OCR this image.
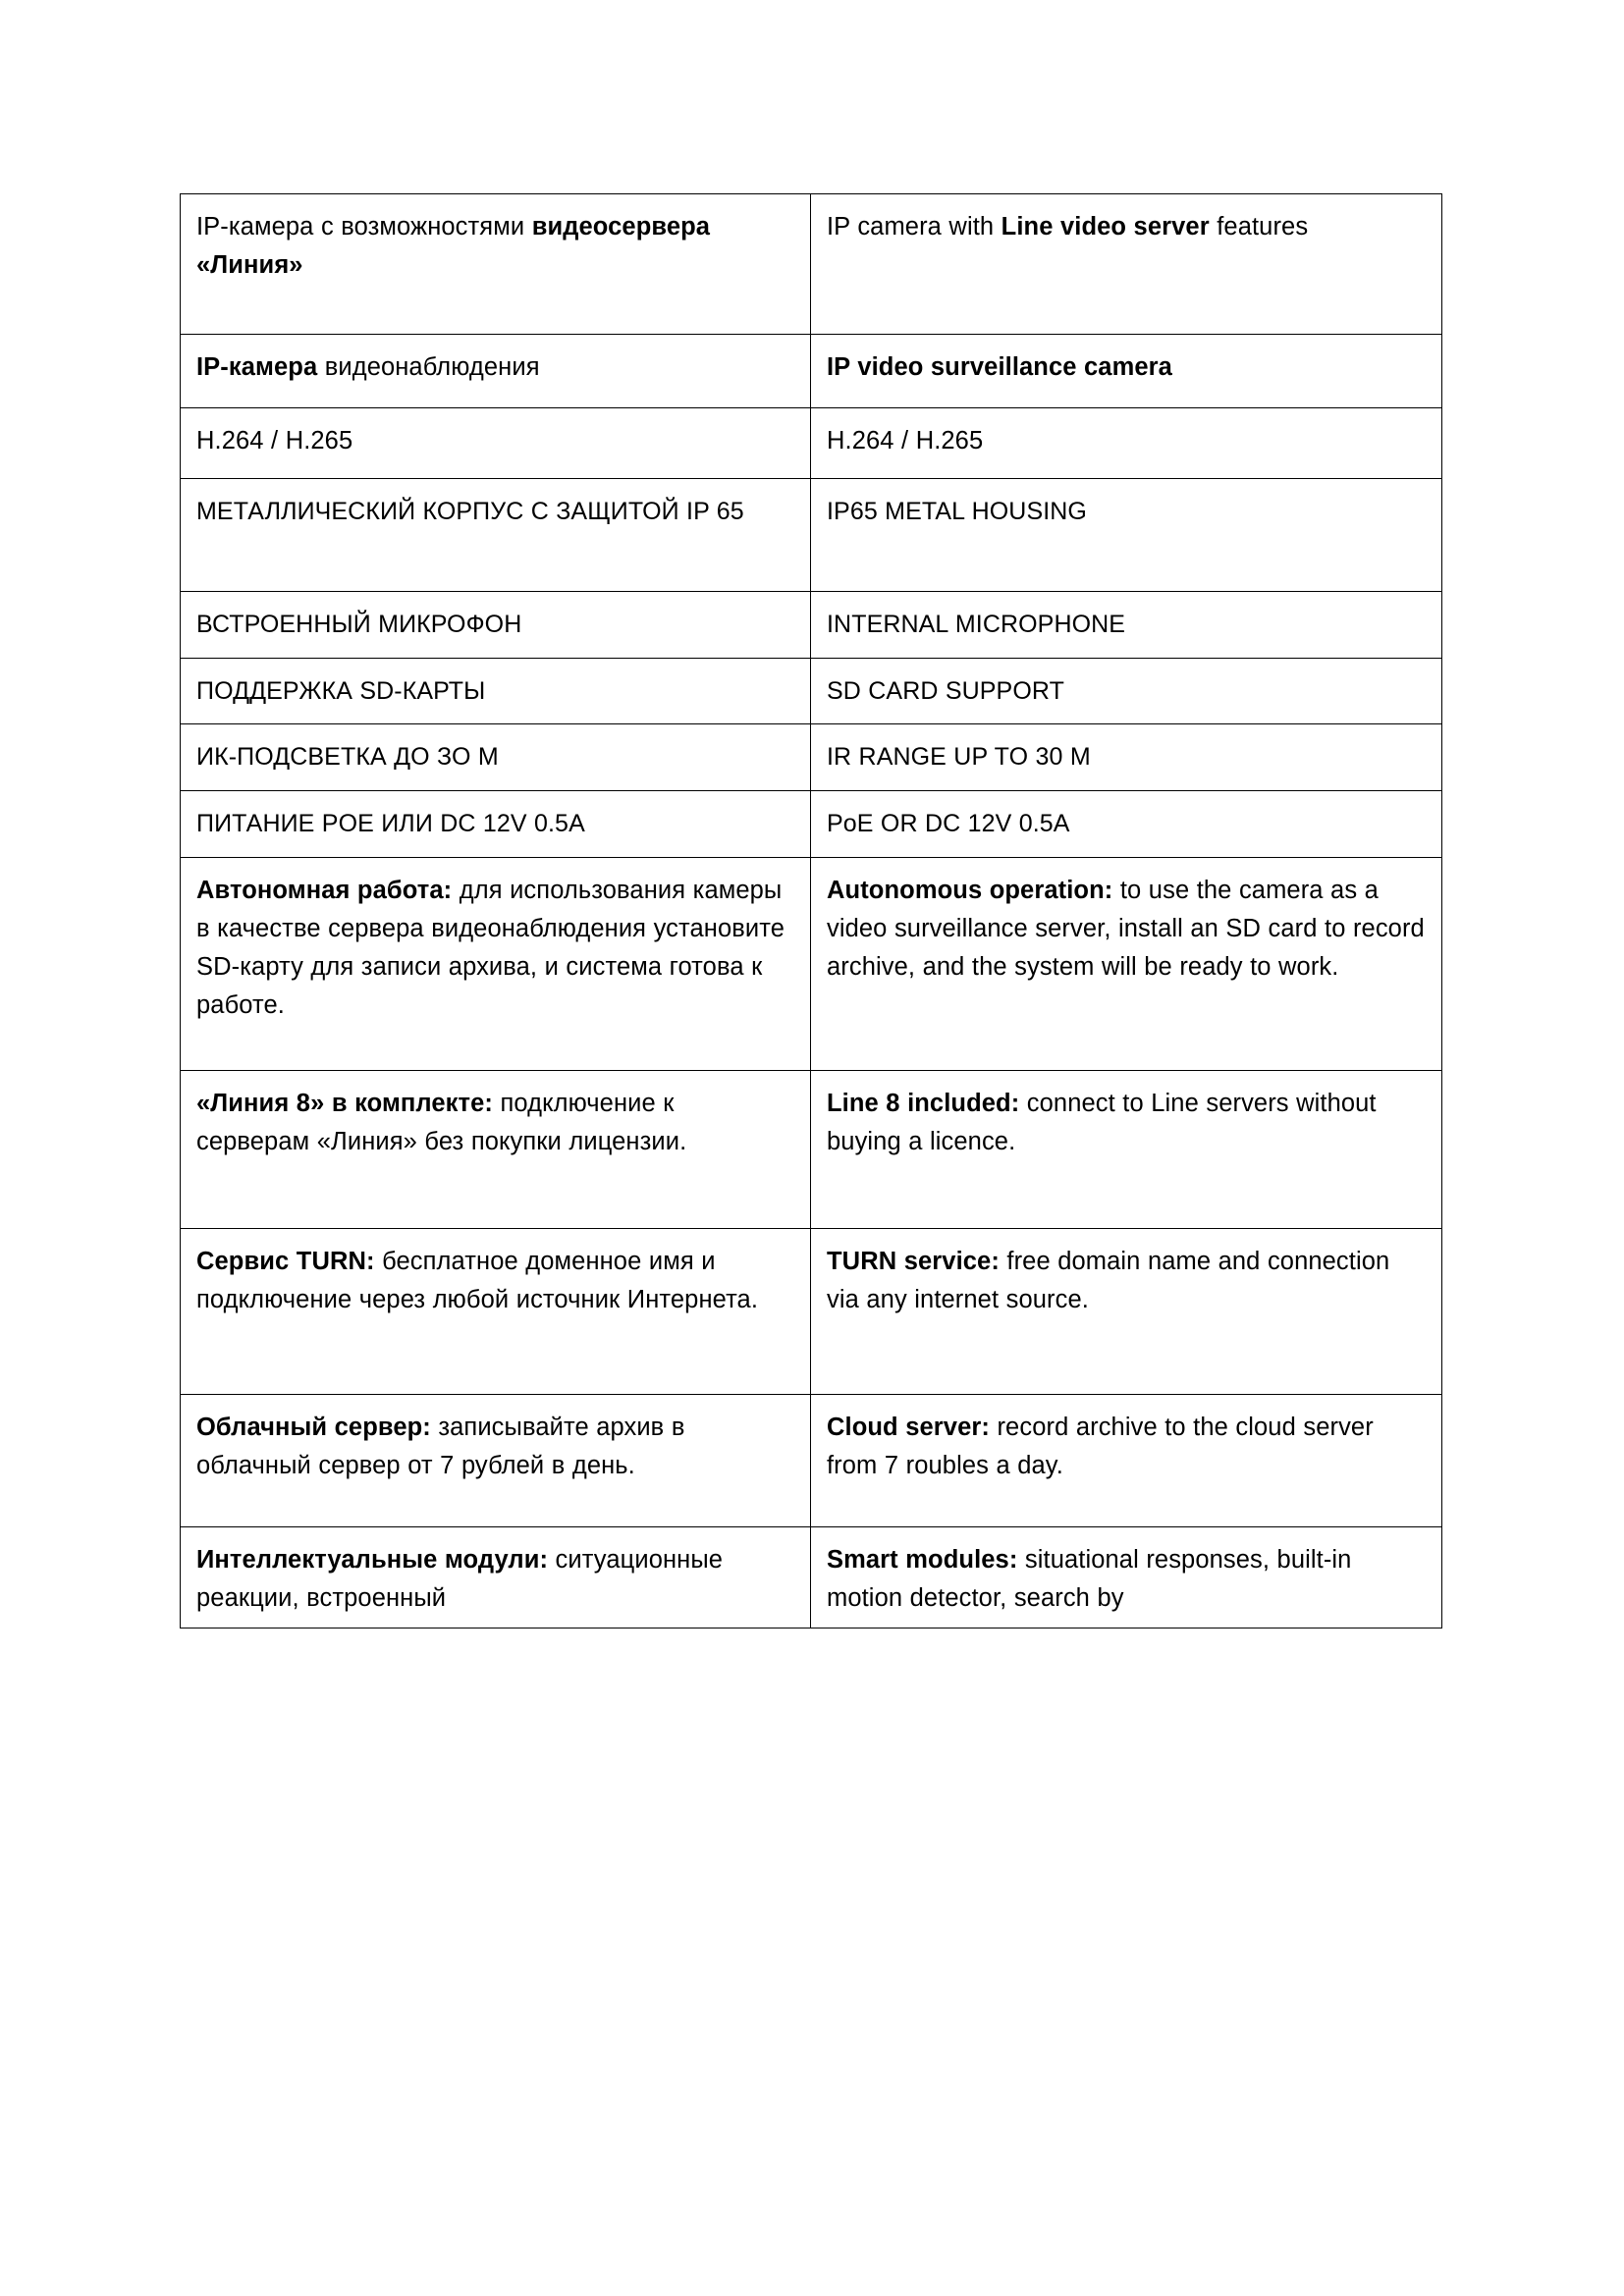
IP-камера с возможностями видеосервера «Линия»	IP camera with Line video server features
IP-камера видеонаблюдения	IP video surveillance camera
H.264 / H.265	H.264 / H.265
МЕТАЛЛИЧЕСКИЙ КОРПУС С ЗАЩИТОЙ IP 65	IP65 METAL HOUSING
ВСТРОЕННЫЙ МИКРОФОН	INTERNAL MICROPHONE
ПОДДЕРЖКА SD-КАРТЫ	SD CARD SUPPORT
ИК-ПОДСВЕТКА ДО ЗО М	IR RANGE UP TO 30 M
ПИТАНИЕ POE ИЛИ DC 12V 0.5A	PoE OR DC 12V 0.5A
Автономная работа: для использования камеры в качестве сервера видеонаблюдения установите SD-карту для записи архива, и система готова к работе.	Autonomous operation: to use the camera as a video surveillance server, install an SD card to record archive, and the system will be ready to work.
«Линия 8» в комплекте: подключение к серверам «Линия» без покупки лицензии.	Line 8 included: connect to Line servers without buying a licence.
Сервис TURN: бесплатное доменное имя и подключение через любой источник Интернета.	TURN service: free domain name and connection via any internet source.
Облачный сервер: записывайте архив в облачный сервер от 7 рублей в день.	Cloud server: record archive to the cloud server from 7 roubles a day.
Интеллектуальные модули: ситуационные реакции, встроенный	Smart modules: situational responses, built-in motion detector, search by
